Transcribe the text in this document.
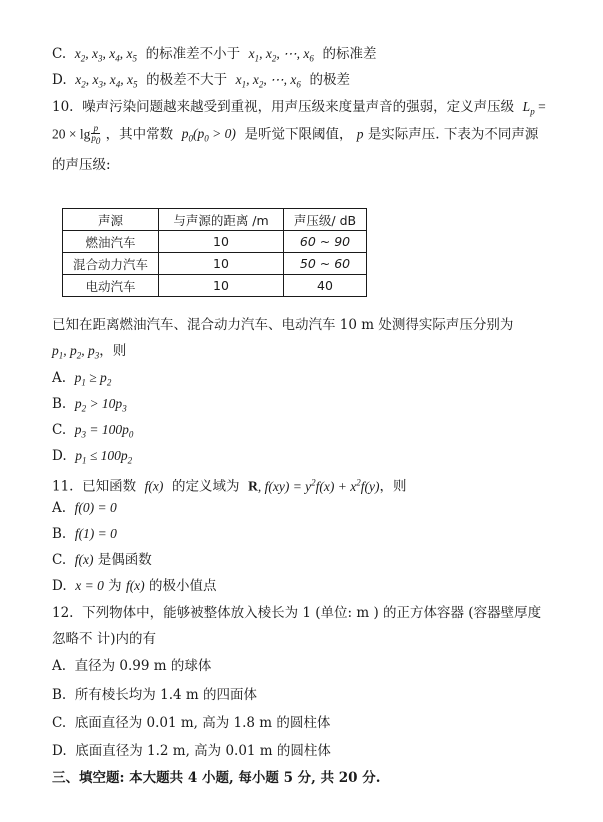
C. $x_2$, $x_3$, $x_4$, $x_5$ 的标准差不小于 $x_1$, $x_2$, ⋯, $x_6$ 的标准差
D. $x_2$, $x_3$, $x_4$, $x_5$ 的极差不大于 $x_1$, $x_2$, ⋯, $x_6$ 的极差
10. 噪声污染问题越来越受到重视，用声压级来度量声音的强弱，定义声压级 $L_p$ =
$20 \times \lg \frac{p}{p_0}$ ，其中常数 $p_0(p_0 > 0)$ 是听觉下限阈值， p 是实际声压. 下表为不同声源
的声压级:
声源	与声源的距离 /m	声压级/ dB
燃油汽车	10	60 ~ 90
混合动力汽车	10	50 ~ 60
电动汽车	10	40
已知在距离燃油汽车、混合动力汽车、电动汽车 10 m 处测得实际声压分别为
$p_1$, $p_2$, $p_3$，则
A. $p_1 \ge p_2$
B. $p_2 > 10p_3$
C. $p_3 = 100p_0$
D. $p_1 \le 100p_2$
11. 已知函数 f(x) 的定义域为 R, $f(xy) = y^2f(x) + x^2f(y)$，则
A. f(0) = 0
B. f(1) = 0
C. f(x) 是偶函数
D. x = 0 为 f(x) 的极小值点
12. 下列物体中，能够被整体放入棱长为 1 (单位: m ) 的正方体容器 (容器壁厚度
忽略不 计)内的有
A. 直径为 0.99 m 的球体
B. 所有棱长均为 1.4 m 的四面体
C. 底面直径为 0.01 m, 高为 1.8 m 的圆柱体
D. 底面直径为 1.2 m, 高为 0.01 m 的圆柱体
三、填空题: 本大题共 4 小题, 每小题 5 分, 共 20 分.
